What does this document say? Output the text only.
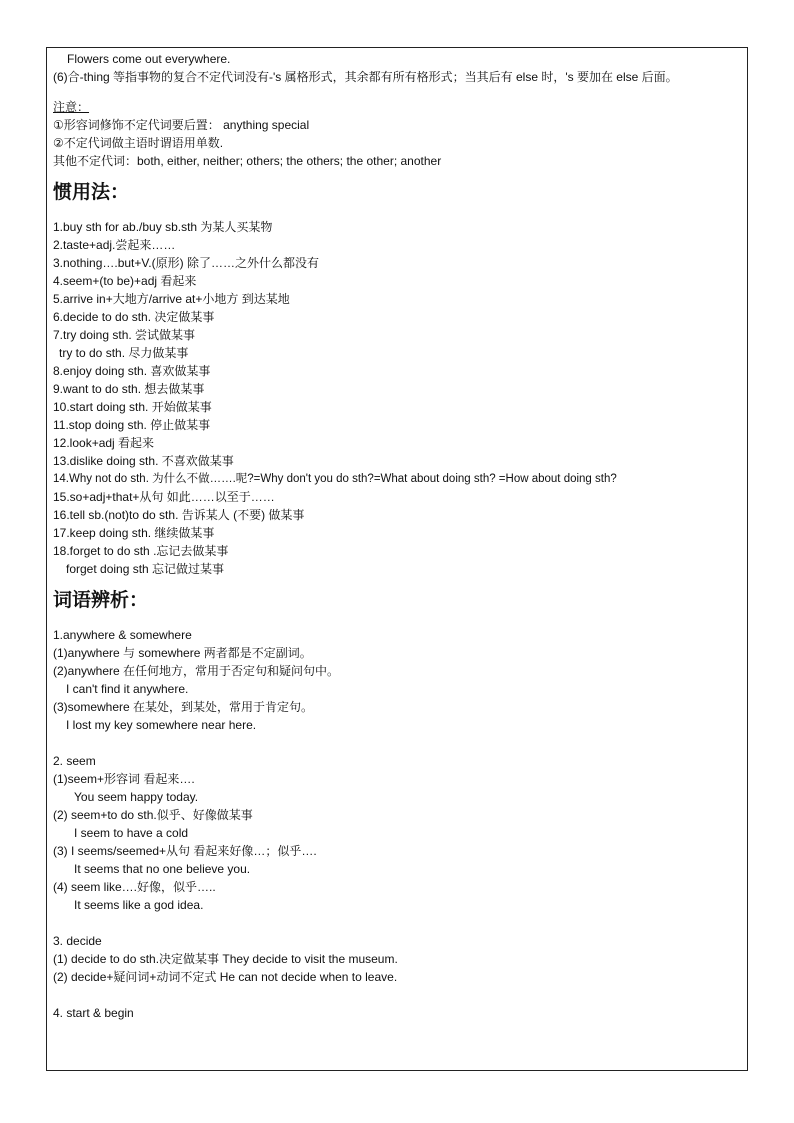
Flowers come out everywhere.
(6)合-thing 等指事物的复合不定代词没有-'s 属格形式，其余都有所有格形式；当其后有 else 时，'s 要加在 else 后面。
注意：
①形容词修饰不定代词要后置： anything special
②不定代词做主语时谓语用单数.
其他不定代词：both, either, neither; others; the others; the other; another
惯用法：
1.buy sth for ab./buy sb.sth 为某人买某物
2.taste+adj.尝起来……
3.nothing….but+V.(原形) 除了……之外什么都没有
4.seem+(to be)+adj 看起来
5.arrive in+大地方/arrive at+小地方 到达某地
6.decide to do sth. 决定做某事
7.try doing sth. 尝试做某事
try to do sth. 尽力做某事
8.enjoy doing sth. 喜欢做某事
9.want to do sth. 想去做某事
10.start doing sth. 开始做某事
11.stop doing sth. 停止做某事
12.look+adj 看起来
13.dislike doing sth. 不喜欢做某事
14.Why not do sth. 为什么不做…….呢?=Why don't you do sth?=What about doing sth? =How about doing sth?
15.so+adj+that+从句 如此……以至于……
16.tell sb.(not)to do sth. 告诉某人 (不要) 做某事
17.keep doing sth. 继续做某事
18.forget to do sth .忘记去做某事
forget doing sth 忘记做过某事
词语辨析：
1.anywhere & somewhere
(1)anywhere 与 somewhere 两者都是不定副词。
(2)anywhere 在任何地方，常用于否定句和疑问句中。
I can't find it anywhere.
(3)somewhere 在某处，到某处，常用于肯定句。
I lost my key somewhere near here.
2. seem
(1)seem+形容词 看起来….
You seem happy today.
(2) seem+to do sth.似乎、好像做某事
I seem to have a cold
(3) I seems/seemed+从句 看起来好像…；似乎….
It seems that no one believe you.
(4) seem like….好像，似乎…..
It seems like a god idea.
3. decide
(1) decide to do sth.决定做某事 They decide to visit the museum.
(2) decide+疑问词+动词不定式 He can not decide when to leave.
4. start & begin
